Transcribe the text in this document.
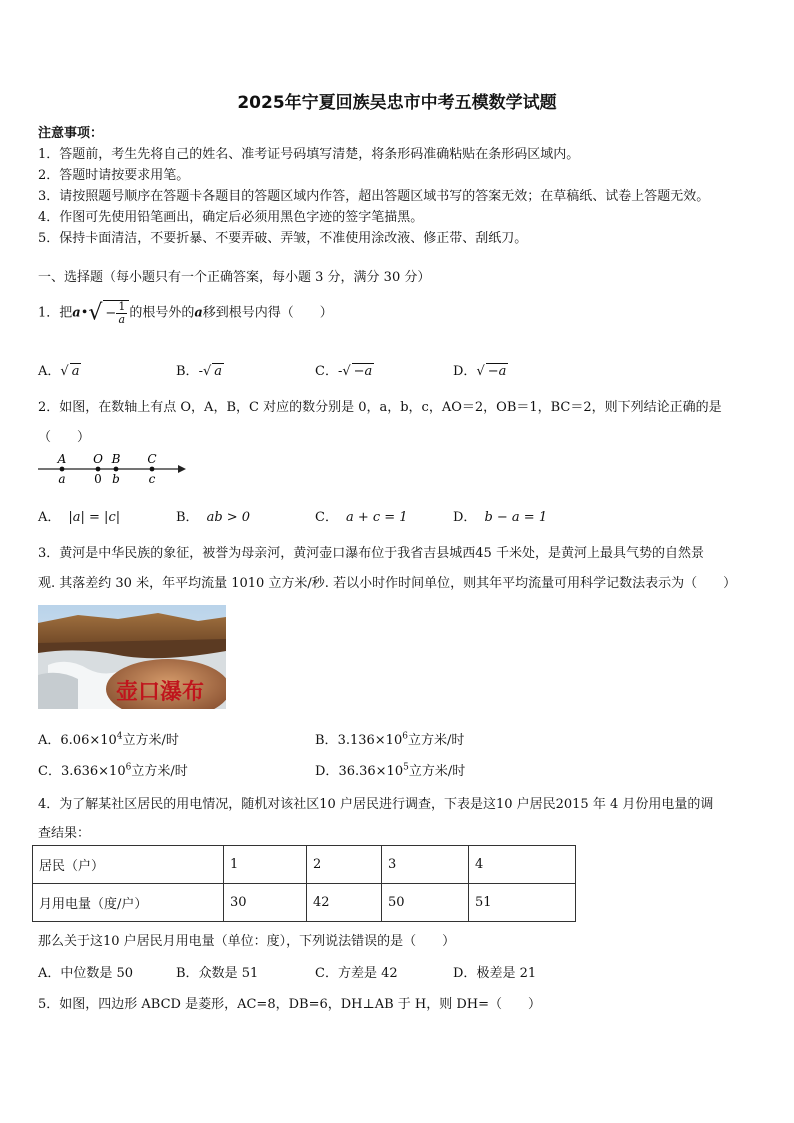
2025年宁夏回族吴忠市中考五模数学试题
注意事项：
1．答题前，考生先将自己的姓名、准考证号码填写清楚，将条形码准确粘贴在条形码区域内。
2．答题时请按要求用笔。
3．请按照题号顺序在答题卡各题目的答题区域内作答，超出答题区域书写的答案无效；在草稿纸、试卷上答题无效。
4．作图可先使用铅笔画出，确定后必须用黑色字迹的签字笔描黑。
5．保持卡面清洁，不要折暴、不要弄破、弄皱，不准使用涂改液、修正带、刮纸刀。
一、选择题（每小题只有一个正确答案，每小题 3 分，满分 30 分）
1．把a•√ − $\frac{1}{a}$ 的根号外的a移到根号内得（　　）
A．√ a	B．-√ a	C．-√ −a	D．√ −a
2．如图，在数轴上有点 O，A，B，C 对应的数分别是 0，a，b，c，AO＝2，OB＝1，BC＝2，则下列结论正确的是
（　　）
A
a
O
0
B
b
C
c
A． |a| = |c|	B． ab > 0	C． a + c = 1	D． b − a = 1
3．黄河是中华民族的象征，被誉为母亲河，黄河壶口瀑布位于我省吉县城西45 千米处，是黄河上最具气势的自然景
观. 其落差约 30 米，年平均流量 1010 立方米/秒. 若以小时作时间单位，则其年平均流量可用科学记数法表示为（　　）
壶口瀑布
A．$6.06\times 10^4$立方米/时	B．$3.136\times 10^6$立方米/时
C．$3.636\times 10^6$立方米/时	D．$36.36\times 10^5$立方米/时
4．为了解某社区居民的用电情况，随机对该社区10 户居民进行调查，下表是这10 户居民2015 年 4 月份用电量的调
查结果：
居民（户）	1	2	3	4
月用电量（度/户）	30	42	50	51
那么关于这10 户居民月用电量（单位：度），下列说法错误的是（　　）
A．中位数是 50	B．众数是 51	C．方差是 42	D．极差是 21
5．如图，四边形 ABCD 是菱形，AC=8，DB=6，DH⊥AB 于 H，则 DH=（　　）
